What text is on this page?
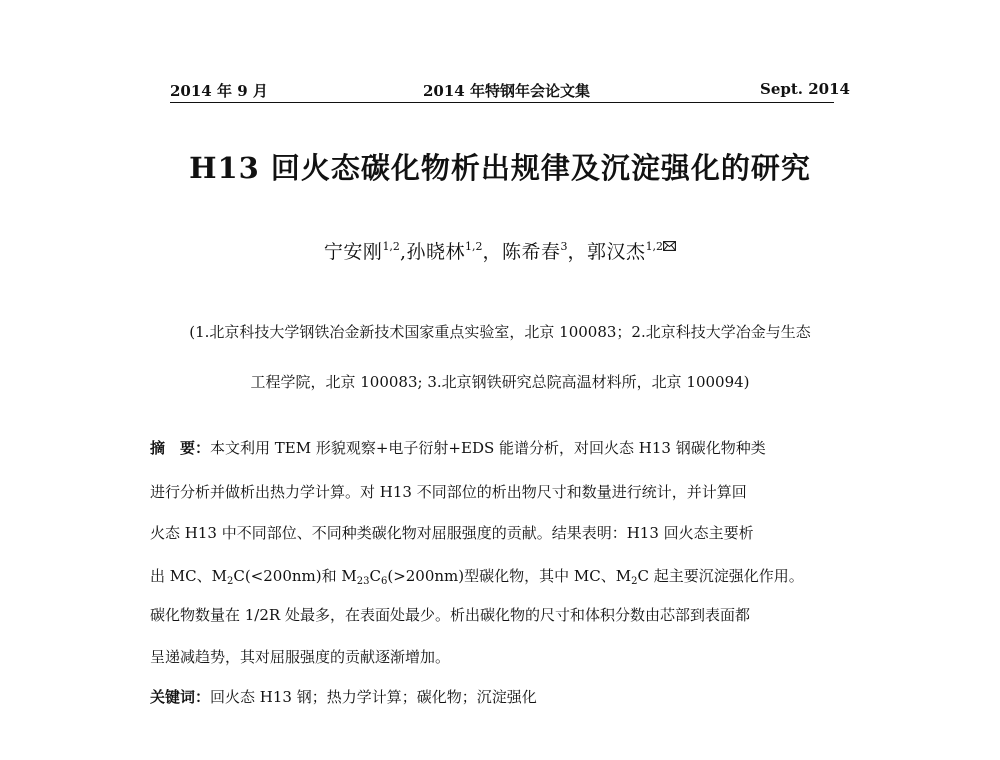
2014 年 9 月	2014 年特钢年会论文集	Sept. 2014
H13 回火态碳化物析出规律及沉淀强化的研究
宁安刚$^{1,2}$,孙晓林$^{1,2}$，陈希春$^3$，郭汉杰$^{1,2}$
(1.北京科技大学钢铁冶金新技术国家重点实验室，北京 100083；2.北京科技大学冶金与生态
工程学院，北京 100083; 3.北京钢铁研究总院高温材料所，北京 100094)
摘　要：本文利用 TEM 形貌观察+电子衍射+EDS 能谱分析，对回火态 H13 钢碳化物种类
进行分析并做析出热力学计算。对 H13 不同部位的析出物尺寸和数量进行统计，并计算回
火态 H13 中不同部位、不同种类碳化物对屈服强度的贡献。结果表明：H13 回火态主要析
出 MC、$M_2C(<200nm)$和 $M_{23}C_6(>200nm)$型碳化物，其中 MC、$M_2C$ 起主要沉淀强化作用。
碳化物数量在 1/2R 处最多，在表面处最少。析出碳化物的尺寸和体积分数由芯部到表面都
呈递减趋势，其对屈服强度的贡献逐渐增加。
关键词：回火态 H13 钢；热力学计算；碳化物；沉淀强化
